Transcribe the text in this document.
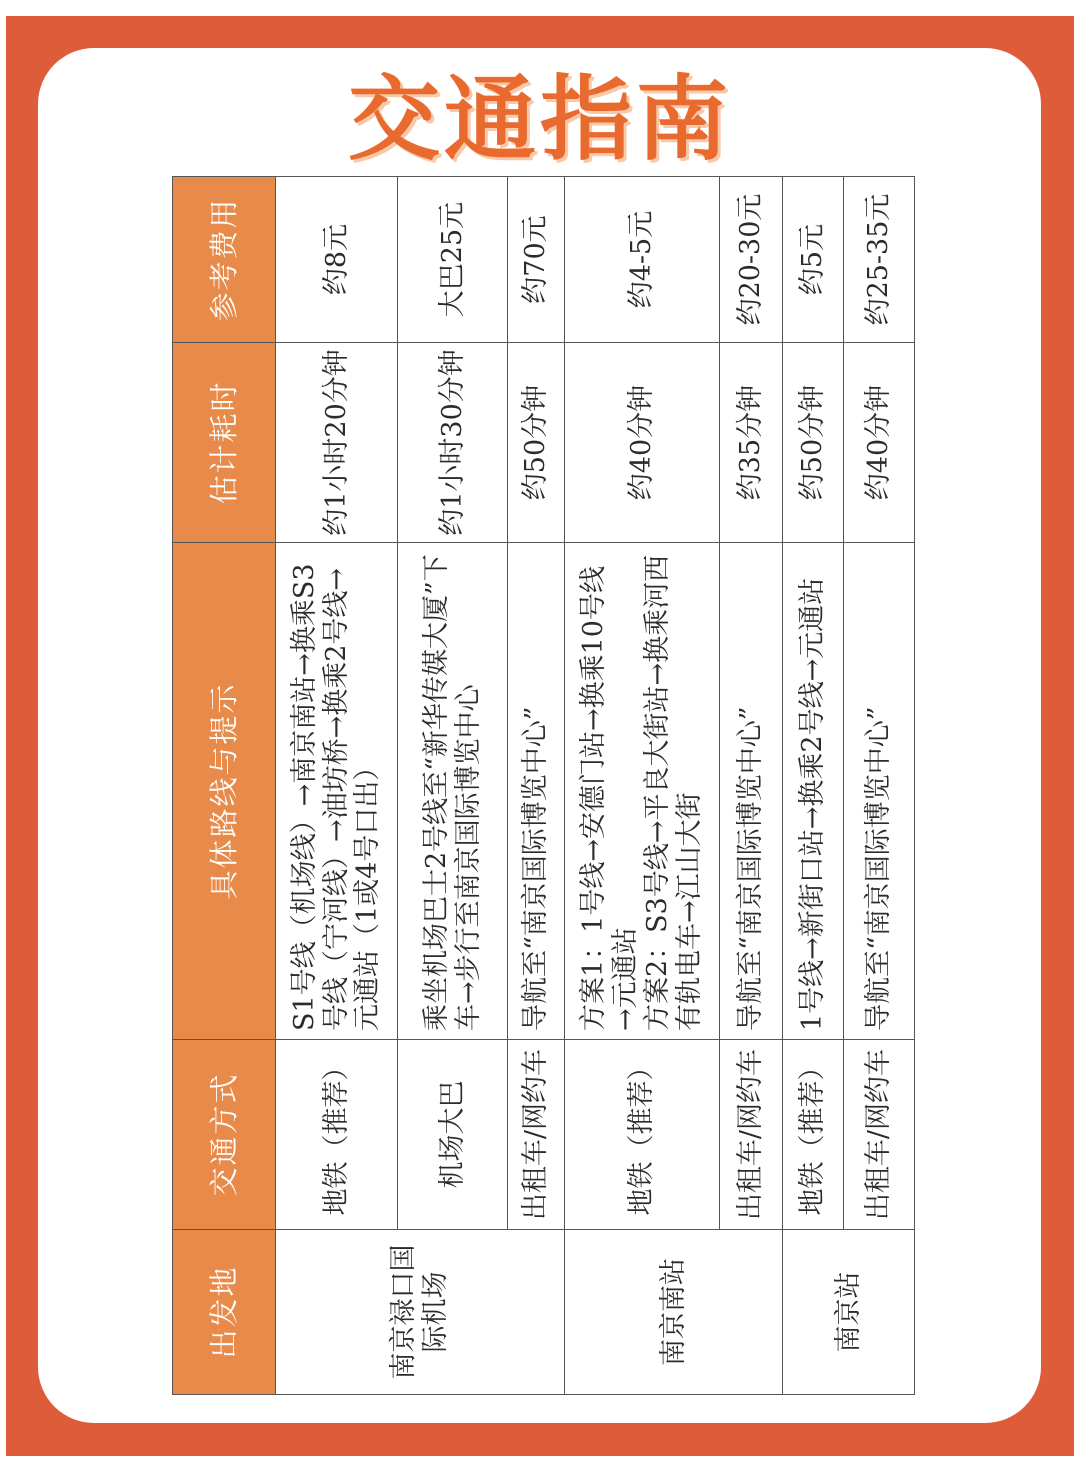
交通指南
出发地	交通方式	具体路线与提示	估计耗时	参考费用
南京禄口国际机场	地铁（推荐）	S1号线（机场线）→南京南站→换乘S3号线（宁河线）→油坊桥→换乘2号线→元通站（1或4号口出）	约1小时20分钟	约8元
	机场大巴	乘坐机场巴士2号线至“新华传媒大厦”下车→步行至南京国际博览中心	约1小时30分钟	大巴25元
	出租车/网约车	导航至“南京国际博览中心”	约50分钟	约70元
南京南站	地铁（推荐）	方案1：1号线→安德门站→换乘10号线→元通站 方案2：S3号线→平良大街站→换乘河西有轨电车→江山大街	约40分钟	约4-5元
	出租车/网约车	导航至“南京国际博览中心”	约35分钟	约20-30元
南京站	地铁（推荐）	1号线→新街口站→换乘2号线→元通站	约50分钟	约5元
	出租车/网约车	导航至“南京国际博览中心”	约40分钟	约25-35元
